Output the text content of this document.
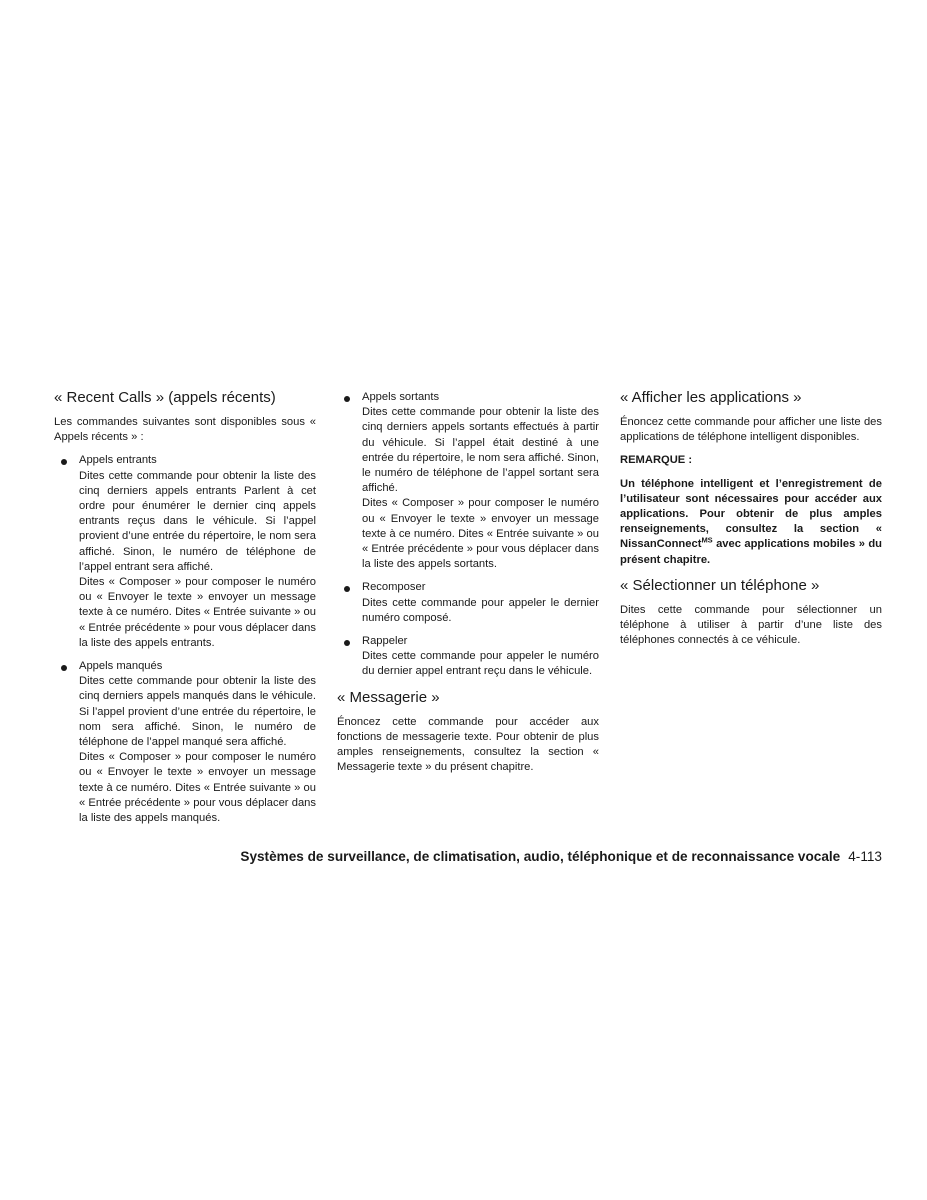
« Recent Calls » (appels récents)
Les commandes suivantes sont disponibles sous « Appels récents » :
Appels entrants
Dites cette commande pour obtenir la liste des cinq derniers appels entrants Parlent à cet ordre pour énumérer le dernier cinq appels entrants reçus dans le véhicule. Si l’appel provient d’une entrée du répertoire, le nom sera affiché. Sinon, le numéro de téléphone de l’appel entrant sera affiché.
Dites « Composer » pour composer le numéro ou « Envoyer le texte » envoyer un message texte à ce numéro. Dites « Entrée suivante » ou « Entrée précédente » pour vous déplacer dans la liste des appels entrants.
Appels manqués
Dites cette commande pour obtenir la liste des cinq derniers appels manqués dans le véhicule. Si l’appel provient d’une entrée du répertoire, le nom sera affiché. Sinon, le numéro de téléphone de l’appel manqué sera affiché.
Dites « Composer » pour composer le numéro ou « Envoyer le texte » envoyer un message texte à ce numéro. Dites « Entrée suivante » ou « Entrée précédente » pour vous déplacer dans la liste des appels manqués.
Appels sortants
Dites cette commande pour obtenir la liste des cinq derniers appels sortants effectués à partir du véhicule. Si l’appel était destiné à une entrée du répertoire, le nom sera affiché. Sinon, le numéro de téléphone de l’appel sortant sera affiché.
Dites « Composer » pour composer le numéro ou « Envoyer le texte » envoyer un message texte à ce numéro. Dites « Entrée suivante » ou « Entrée précédente » pour vous déplacer dans la liste des appels sortants.
Recomposer
Dites cette commande pour appeler le dernier numéro composé.
Rappeler
Dites cette commande pour appeler le numéro du dernier appel entrant reçu dans le véhicule.
« Messagerie »
Énoncez cette commande pour accéder aux fonctions de messagerie texte. Pour obtenir de plus amples renseignements, consultez la section « Messagerie texte » du présent chapitre.
« Afficher les applications »
Énoncez cette commande pour afficher une liste des applications de téléphone intelligent disponibles.
REMARQUE :
Un téléphone intelligent et l’enregistrement de l’utilisateur sont nécessaires pour accéder aux applications. Pour obtenir de plus amples renseignements, consultez la section « NissanConnect$^{MS}$ avec applications mobiles » du présent chapitre.
« Sélectionner un téléphone »
Dites cette commande pour sélectionner un téléphone à utiliser à partir d’une liste des téléphones connectés à ce véhicule.
Systèmes de surveillance, de climatisation, audio, téléphonique et de reconnaissance vocale 4-113
